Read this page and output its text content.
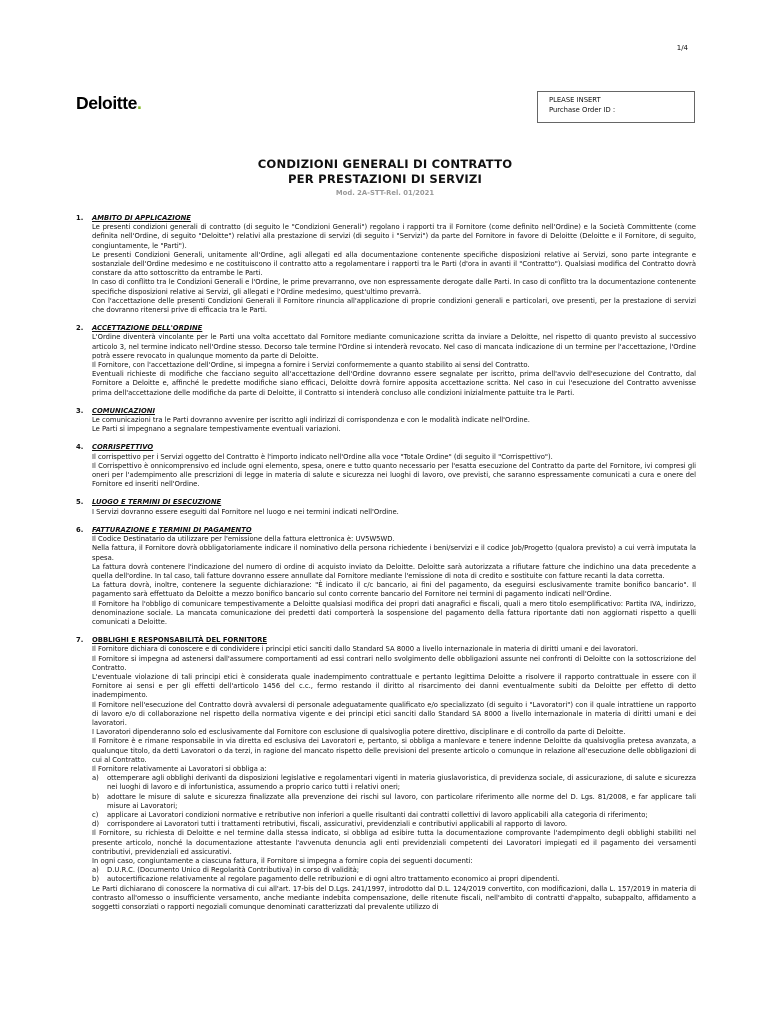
1/4
Deloitte.	PLEASE INSERT
Purchase Order ID :
CONDIZIONI GENERALI DI CONTRATTO
PER PRESTAZIONI DI SERVIZI
Mod. 2A-STT-Rel. 01/2021
1. AMBITO DI APPLICAZIONE

Le presenti condizioni generali di contratto (di seguito le "Condizioni Generali") regolano i rapporti tra il Fornitore (come definito nell'Ordine) e la Società Committente (come definita nell'Ordine, di seguito "Deloitte") relativi alla prestazione di servizi (di seguito i "Servizi") da parte del Fornitore in favore di Deloitte (Deloitte e il Fornitore, di seguito, congiuntamente, le "Parti").

Le presenti Condizioni Generali, unitamente all'Ordine, agli allegati ed alla documentazione contenente specifiche disposizioni relative ai Servizi, sono parte integrante e sostanziale dell'Ordine medesimo e ne costituiscono il contratto atto a regolamentare i rapporti tra le Parti (d'ora in avanti il "Contratto"). Qualsiasi modifica del Contratto dovrà constare da atto sottoscritto da entrambe le Parti.

In caso di conflitto tra le Condizioni Generali e l'Ordine, le prime prevarranno, ove non espressamente derogate dalle Parti. In caso di conflitto tra la documentazione contenente specifiche disposizioni relative ai Servizi, gli allegati e l'Ordine medesimo, quest'ultimo prevarrà.

Con l'accettazione delle presenti Condizioni Generali il Fornitore rinuncia all'applicazione di proprie condizioni generali e particolari, ove presenti, per la prestazione di servizi che dovranno ritenersi prive di efficacia tra le Parti.

2. ACCETTAZIONE DELL'ORDINE

L'Ordine diventerà vincolante per le Parti una volta accettato dal Fornitore mediante comunicazione scritta da inviare a Deloitte, nel rispetto di quanto previsto al successivo articolo 3, nel termine indicato nell'Ordine stesso. Decorso tale termine l'Ordine si intenderà revocato. Nel caso di mancata indicazione di un termine per l'accettazione, l'Ordine potrà essere revocato in qualunque momento da parte di Deloitte.

Il Fornitore, con l'accettazione dell'Ordine, si impegna a fornire i Servizi conformemente a quanto stabilito ai sensi del Contratto.

Eventuali richieste di modifiche che facciano seguito all'accettazione dell'Ordine dovranno essere segnalate per iscritto, prima dell'avvio dell'esecuzione del Contratto, dal Fornitore a Deloitte e, affinché le predette modifiche siano efficaci, Deloitte dovrà fornire apposita accettazione scritta. Nel caso in cui l'esecuzione del Contratto avvenisse prima dell'accettazione delle modifiche da parte di Deloitte, il Contratto si intenderà concluso alle condizioni inizialmente pattuite tra le Parti.

3. COMUNICAZIONI

Le comunicazioni tra le Parti dovranno avvenire per iscritto agli indirizzi di corrispondenza e con le modalità indicate nell'Ordine.

Le Parti si impegnano a segnalare tempestivamente eventuali variazioni.

4. CORRISPETTIVO

Il corrispettivo per i Servizi oggetto del Contratto è l'importo indicato nell'Ordine alla voce "Totale Ordine" (di seguito il "Corrispettivo").

Il Corrispettivo è onnicomprensivo ed include ogni elemento, spesa, onere e tutto quanto necessario per l'esatta esecuzione del Contratto da parte del Fornitore, ivi compresi gli oneri per l'adempimento alle prescrizioni di legge in materia di salute e sicurezza nei luoghi di lavoro, ove previsti, che saranno espressamente comunicati a cura e onere del Fornitore ed inseriti nell'Ordine.

5. LUOGO E TERMINI DI ESECUZIONE

I Servizi dovranno essere eseguiti dal Fornitore nel luogo e nei termini indicati nell'Ordine.

6. FATTURAZIONE E TERMINI DI PAGAMENTO

Il Codice Destinatario da utilizzare per l'emissione della fattura elettronica è: UV5W5WD.

Nella fattura, il Fornitore dovrà obbligatoriamente indicare il nominativo della persona richiedente i beni/servizi e il codice Job/Progetto (qualora previsto) a cui verrà imputata la spesa.

La fattura dovrà contenere l'indicazione del numero di ordine di acquisto inviato da Deloitte. Deloitte sarà autorizzata a rifiutare fatture che indichino una data precedente a quella dell'ordine. In tal caso, tali fatture dovranno essere annullate dal Fornitore mediante l'emissione di nota di credito e sostituite con fatture recanti la data corretta.

La fattura dovrà, inoltre, contenere la seguente dichiarazione: "È indicato il c/c bancario, ai fini del pagamento, da eseguirsi esclusivamente tramite bonifico bancario". Il pagamento sarà effettuato da Deloitte a mezzo bonifico bancario sul conto corrente bancario del Fornitore nei termini di pagamento indicati nell'Ordine.

Il Fornitore ha l'obbligo di comunicare tempestivamente a Deloitte qualsiasi modifica dei propri dati anagrafici e fiscali, quali a mero titolo esemplificativo: Partita IVA, indirizzo, denominazione sociale. La mancata comunicazione dei predetti dati comporterà la sospensione del pagamento della fattura riportante dati non aggiornati rispetto a quelli comunicati a Deloitte.

7. OBBLIGHI E RESPONSABILITÀ DEL FORNITORE

Il Fornitore dichiara di conoscere e di condividere i principi etici sanciti dallo Standard SA 8000 a livello internazionale in materia di diritti umani e dei lavoratori.

Il Fornitore si impegna ad astenersi dall'assumere comportamenti ad essi contrari nello svolgimento delle obbligazioni assunte nei confronti di Deloitte con la sottoscrizione del Contratto.

L'eventuale violazione di tali principi etici è considerata quale inadempimento contrattuale e pertanto legittima Deloitte a risolvere il rapporto contrattuale in essere con il Fornitore ai sensi e per gli effetti dell'articolo 1456 del c.c., fermo restando il diritto al risarcimento dei danni eventualmente subiti da Deloitte per effetto di detto inadempimento.

Il Fornitore nell'esecuzione del Contratto dovrà avvalersi di personale adeguatamente qualificato e/o specializzato (di seguito i "Lavoratori") con il quale intrattiene un rapporto di lavoro e/o di collaborazione nel rispetto della normativa vigente e dei principi etici sanciti dallo Standard SA 8000 a livello internazionale in materia di diritti umani e dei lavoratori.

I Lavoratori dipenderanno solo ed esclusivamente dal Fornitore con esclusione di qualsivoglia potere direttivo, disciplinare e di controllo da parte di Deloitte.

Il Fornitore è e rimane responsabile in via diretta ed esclusiva dei Lavoratori e, pertanto, si obbliga a manlevare e tenere indenne Deloitte da qualsivoglia pretesa avanzata, a qualunque titolo, da detti Lavoratori o da terzi, in ragione del mancato rispetto delle previsioni del presente articolo o comunque in relazione all'esecuzione delle obbligazioni di cui al Contratto.

Il Fornitore relativamente ai Lavoratori si obbliga a:

a) ottemperare agli obblighi derivanti da disposizioni legislative e regolamentari vigenti in materia giuslavoristica, di previdenza sociale, di assicurazione, di salute e sicurezza nei luoghi di lavoro e di infortunistica, assumendo a proprio carico tutti i relativi oneri;
b) adottare le misure di salute e sicurezza finalizzate alla prevenzione dei rischi sul lavoro, con particolare riferimento alle norme del D. Lgs. 81/2008, e far applicare tali misure ai Lavoratori;
c) applicare ai Lavoratori condizioni normative e retributive non inferiori a quelle risultanti dai contratti collettivi di lavoro applicabili alla categoria di riferimento;
d) corrispondere ai Lavoratori tutti i trattamenti retributivi, fiscali, assicurativi, previdenziali e contributivi applicabili al rapporto di lavoro.

Il Fornitore, su richiesta di Deloitte e nel termine dalla stessa indicato, si obbliga ad esibire tutta la documentazione comprovante l'adempimento degli obblighi stabiliti nel presente articolo, nonché la documentazione attestante l'avvenuta denuncia agli enti previdenziali competenti dei Lavoratori impiegati ed il pagamento dei versamenti contributivi, previdenziali ed assicurativi.

In ogni caso, congiuntamente a ciascuna fattura, il Fornitore si impegna a fornire copia dei seguenti documenti:

a) D.U.R.C. (Documento Unico di Regolarità Contributiva) in corso di validità;
b) autocertificazione relativamente al regolare pagamento delle retribuzioni e di ogni altro trattamento economico ai propri dipendenti.

Le Parti dichiarano di conoscere la normativa di cui all'art. 17-bis del D.Lgs. 241/1997, introdotto dal D.L. 124/2019 convertito, con modificazioni, dalla L. 157/2019 in materia di contrasto all'omesso o insufficiente versamento, anche mediante indebita compensazione, delle ritenute fiscali, nell'ambito di contratti d'appalto, subappalto, affidamento a soggetti consorziati o rapporti negoziali comunque denominati caratterizzati dal prevalente utilizzo di
